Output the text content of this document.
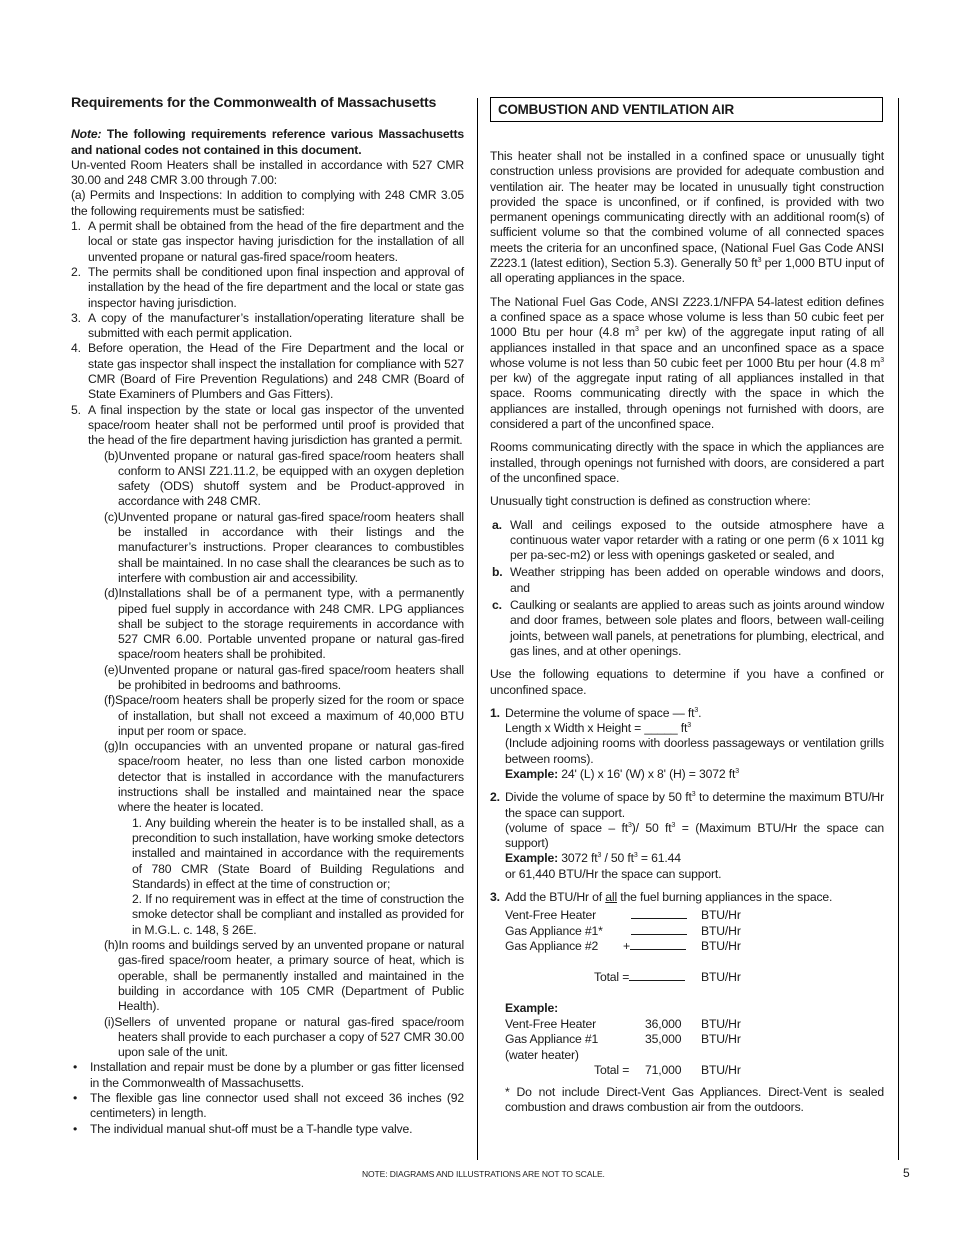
Requirements for the Commonwealth of Massachusetts

Note: The following requirements reference various Massachusetts and national codes not contained in this document.

Un-vented Room Heaters shall be installed in accordance with 527 CMR 30.00 and 248 CMR 3.00 through 7.00:

(a) Permits and Inspections: In addition to complying with 248 CMR 3.05 the following requirements must be satisfied:

1. A permit shall be obtained from the head of the fire department and the local or state gas inspector having jurisdiction for the installation of all unvented propane or natural gas-fired space/room heaters.
2. The permits shall be conditioned upon final inspection and approval of installation by the head of the fire department and the local or state gas inspector having jurisdiction.
3. A copy of the manufacturer’s installation/operating literature shall be submitted with each permit application.
4. Before operation, the Head of the Fire Department and the local or state gas inspector shall inspect the installation for compliance with 527 CMR (Board of Fire Prevention Regulations) and 248 CMR (Board of State Examiners of Plumbers and Gas Fitters).
5. A final inspection by the state or local gas inspector of the unvented space/room heater shall not be performed until proof is provided that the head of the fire department having jurisdiction has granted a permit.
(b)Unvented propane or natural gas-fired space/room heaters shall conform to ANSI Z21.11.2, be equipped with an oxygen depletion safety (ODS) shutoff system and be Product-approved in accordance with 248 CMR.
(c)Unvented propane or natural gas-fired space/room heaters shall be installed in accordance with their listings and the manufacturer’s instructions. Proper clearances to combustibles shall be maintained. In no case shall the clearances be such as to interfere with combustion air and accessibility.
(d)Installations shall be of a permanent type, with a permanently piped fuel supply in accordance with 248 CMR. LPG appliances shall be subject to the storage requirements in accordance with 527 CMR 6.00. Portable unvented propane or natural gas-fired space/room heaters shall be prohibited.
(e)Unvented propane or natural gas-fired space/room heaters shall be prohibited in bedrooms and bathrooms.
(f)Space/room heaters shall be properly sized for the room or space of installation, but shall not exceed a maximum of 40,000 BTU input per room or space.
(g)In occupancies with an unvented propane or natural gas-fired space/room heater, no less than one listed carbon monoxide detector that is installed in accordance with the manufacturers instructions shall be installed and maintained near the space where the heater is located.
1. Any building wherein the heater is to be installed shall, as a precondition to such installation, have working smoke detectors installed and maintained in accordance with the requirements of 780 CMR (State Board of Building Regulations and Standards) in effect at the time of construction or;
2. If no requirement was in effect at the time of construction the smoke detector shall be compliant and installed as provided for in M.G.L. c. 148, § 26E.
(h)In rooms and buildings served by an unvented propane or natural gas-fired space/room heater, a primary source of heat, which is operable, shall be permanently installed and maintained in the building in accordance with 105 CMR (Department of Public Health).
(i)Sellers of unvented propane or natural gas-fired space/room heaters shall provide to each purchaser a copy of 527 CMR 30.00 upon sale of the unit.
•	Installation and repair must be done by a plumber or gas fitter licensed in the Commonwealth of Massachusetts.
•	The flexible gas line connector used shall not exceed 36 inches (92 centimeters) in length.
•	The individual manual shut-off must be a T-handle type valve.
COMBUSTION AND VENTILATION AIR

This heater shall not be installed in a confined space or unusually tight construction unless provisions are provided for adequate combustion and ventilation air. The heater may be located in unusually tight construction provided the space is unconfined, or if confined, is provided with two permanent openings communicating directly with an additional room(s) of sufficient volume so that the combined volume of all connected spaces meets the criteria for an unconfined space, (National Fuel Gas Code ANSI Z223.1 (latest edition), Section 5.3). Generally 50 $ft^3$ per 1,000 BTU input of all operating appliances in the space.

The National Fuel Gas Code, ANSI Z223.1/NFPA 54-latest edition defines a confined space as a space whose volume is less than 50 cubic feet per 1000 Btu per hour (4.8 $m^3$ per kw) of the aggregate input rating of all appliances installed in that space and an unconfined space as a space whose volume is not less than 50 cubic feet per 1000 Btu per hour (4.8 $m^3$ per kw) of the aggregate input rating of all appliances installed in that space. Rooms communicating directly with the space in which the appliances are installed, through openings not furnished with doors, are considered a part of the unconfined space.

Rooms communicating directly with the space in which the appliances are installed, through openings not furnished with doors, are considered a part of the unconfined space.

Unusually tight construction is defined as construction where:

a. Wall and ceilings exposed to the outside atmosphere have a continuous water vapor retarder with a rating or one perm (6 x 1011 kg per pa-sec-m2) or less with openings gasketed or sealed, and
b. Weather stripping has been added on operable windows and doors, and
c. Caulking or sealants are applied to areas such as joints around window and door frames, between sole plates and floors, between wall-ceiling joints, between wall panels, at penetrations for plumbing, electrical, and gas lines, and at other openings.

Use the following equations to determine if you have a confined or unconfined space.

1. Determine the volume of space — $ft^3$.
Length x Width x Height = _____ $ft^3$
(Include adjoining rooms with doorless passageways or ventilation grills between rooms).
Example: 24' (L) x 16' (W) x 8' (H) = 3072 $ft^3$
2. Divide the volume of space by 50 $ft^3$ to determine the maximum BTU/Hr the space can support.
(volume of space – $ft^3)/$ 50 $ft^3$ = (Maximum BTU/Hr the space can support)
Example: 3072 $ft^3 / 50$ $ft^3 = 61.44$
or 61,440 BTU/Hr the space can support.
3. Add the BTU/Hr of all the fuel burning appliances in the space.
Vent-Free Heater	BTU/Hr
Gas Appliance #1*	BTU/Hr
Gas Appliance #2	+	BTU/Hr
Total =	BTU/Hr
Example:
Vent-Free Heater	36,000	BTU/Hr
Gas Appliance #1	35,000	BTU/Hr
(water heater)
Total =	71,000	BTU/Hr

* Do not include Direct-Vent Gas Appliances. Direct-Vent is sealed combustion and draws combustion air from the outdoors.

NOTE: DIAGRAMS AND ILLUSTRATIONS ARE NOT TO SCALE.	5
